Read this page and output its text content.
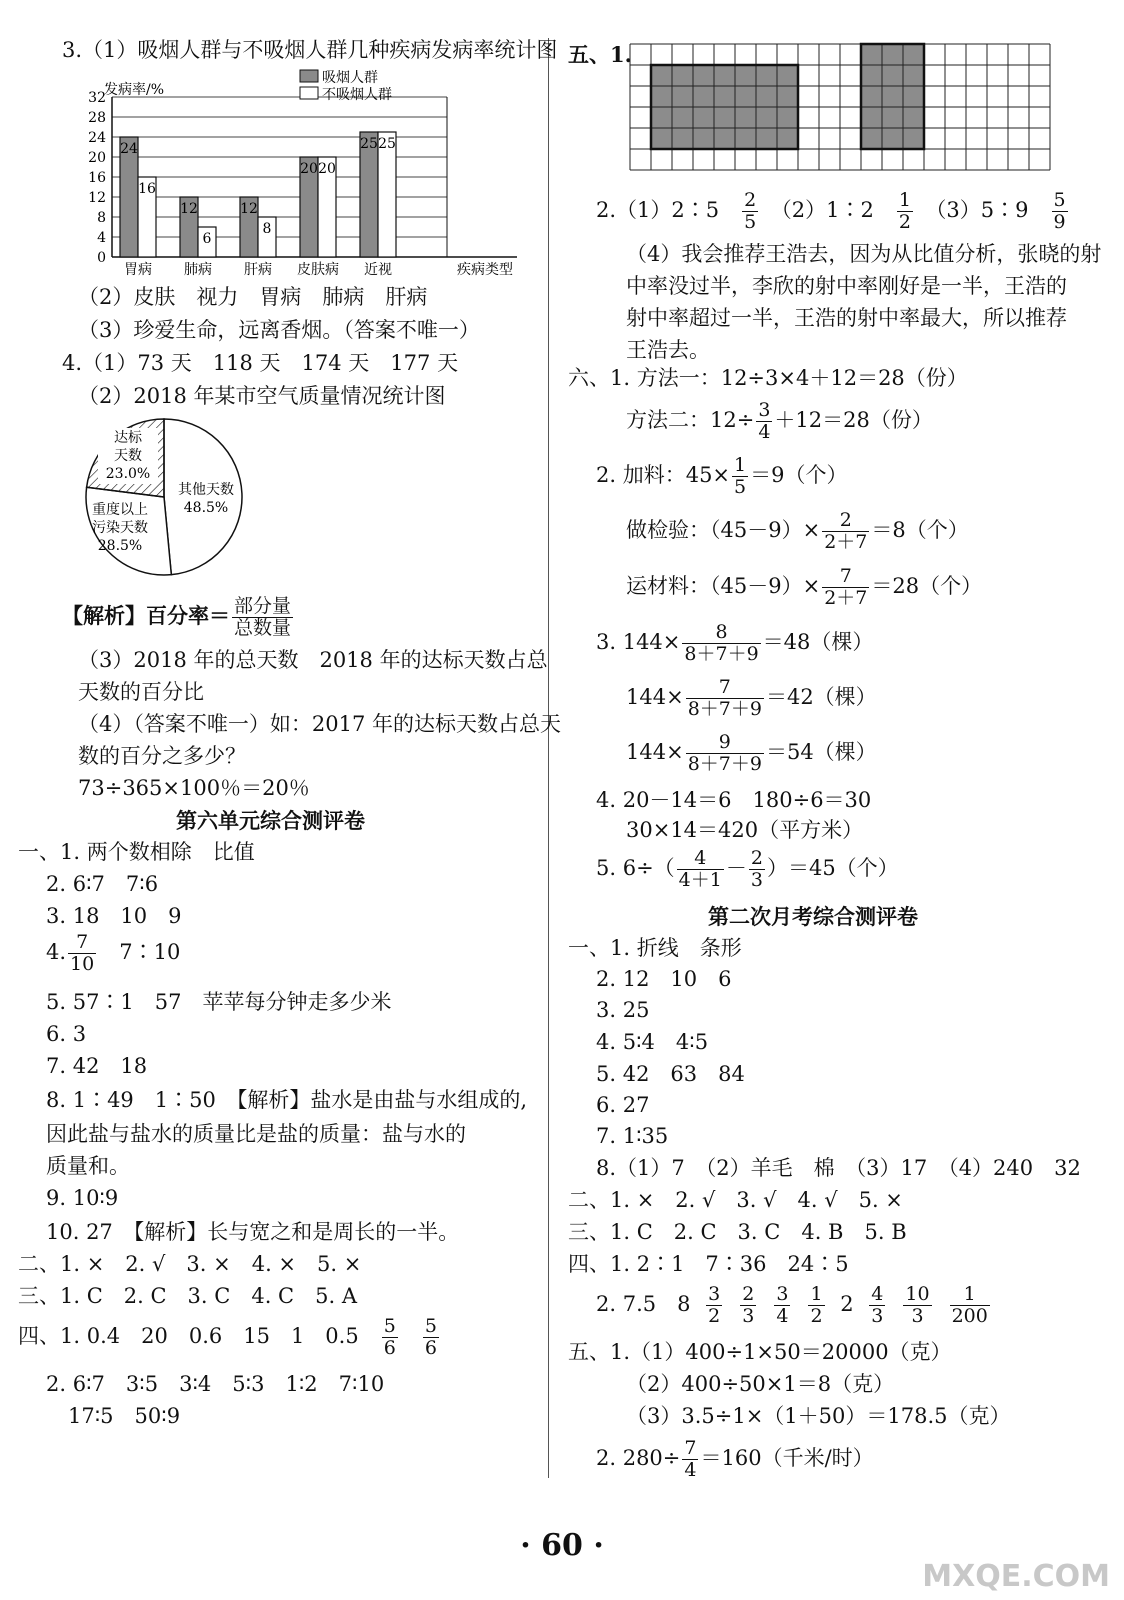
3.（1）吸烟人群与不吸烟人群几种疾病发病率统计图
发病率/%
0
4
8
12
16
20
24
28
32
24
16
胃病
12
6
肺病
12
8
肝病
20 20
皮肤病
25 25
近视	疾病类型
吸烟人群
不吸烟人群
（2）皮肤　视力　胃病　肺病　肝病
（3）珍爱生命，远离香烟。（答案不唯一）
4.（1）73 天　118 天　174 天　177 天
（2）2018 年某市空气质量情况统计图
其他天数
48.5%
重度以上
污染天数
28.5%
达标
天数
23.0%
【解析】百分率＝ $\frac{\text{部分量}}{\text{总数量}}$
（3）2018 年的总天数　2018 年的达标天数占总
天数的百分比
（4）（答案不唯一）如：2017 年的达标天数占总天
数的百分之多少？
73÷365×100％＝20％
第六单元综合测评卷
一、1. 两个数相除　比值
2. 6∶7　7∶6
3. 18　10　9
4. $\frac{7}{10}$
　 7∶10
5. 57∶1　57　苹苹每分钟走多少米
6. 3
7. 42　18
8. 1∶49　1∶50　【解析】盐水是由盐与水组成的,
因此盐与盐水的质量比是盐的质量：盐与水的
质量和。
9. 10∶9
10. 27　【解析】长与宽之和是周长的一半。
二、1. ×　2. √　3. ×　4. ×　5. ×
三、1. C　2. C　3. C　4. C　5. A
四、1. 0.4　20　0.6　15　1　0.5　 $\frac{5}{6}$
　 $\frac{5}{6}$
2. 6∶7　3∶5　3∶4　5∶3　1∶2　7∶10
17∶5　50∶9
五、1.
2.（1）2∶5　 $\frac{2}{5}$
　 （2）1∶2　 $\frac{1}{2}$
　 （3）5∶9　 $\frac{5}{9}$
（4）我会推荐王浩去，因为从比值分析，张晓的射
中率没过半，李欣的射中率刚好是一半，王浩的
射中率超过一半，王浩的射中率最大，所以推荐
王浩去。
六、1. 方法一：12÷3×4＋12＝28（份）
方法二：$12\div \frac{3}{4} +12=28$（份）
2. 加料：$45\times \frac{1}{5} =9$（个）
做检验：$(45-9)\times \frac{2}{2+7} =8$（个）
运材料：$(45-9)\times \frac{7}{2+7} =28$（个）
3. $144\times \frac{8}{8+7+9} =48$（棵）
$144\times \frac{7}{8+7+9} =42$（棵）
$144\times \frac{9}{8+7+9} =54$（棵）
4. 20－14＝6　180÷6＝30
30×14＝420（平方米）
5. $6\div( \frac{4}{4+1} - \frac{2}{3} )=45$（个）
第二次月考综合测评卷
一、1. 折线　条形
2. 12　10　6
3. 25
4. 5∶4　4∶5
5. 42　63　84
6. 27
7. 1∶35
8.（1）7　（2）羊毛　棉　（3）17　（4）240　32
二、1. ×　2. √　3. √　4. √　5. ×
三、1. C　2. C　3. C　4. B　5. B
四、1. 2∶1　7∶36　24∶5
2. 7.5　$8 \frac{3}{2} \frac{2}{3} \frac{3}{4} \frac{1}{2} 2 \frac{4}{3} \frac{10}{3} \frac{1}{200}$
五、1.（1）400÷1×50＝20000（克）
（2）400÷50×1＝8（克）
（3）3.5÷1×（1＋50）＝178.5（克）
2. $280\div \frac{7}{4} =160$（千米/时）
· 60 ·
MXQE.COM
